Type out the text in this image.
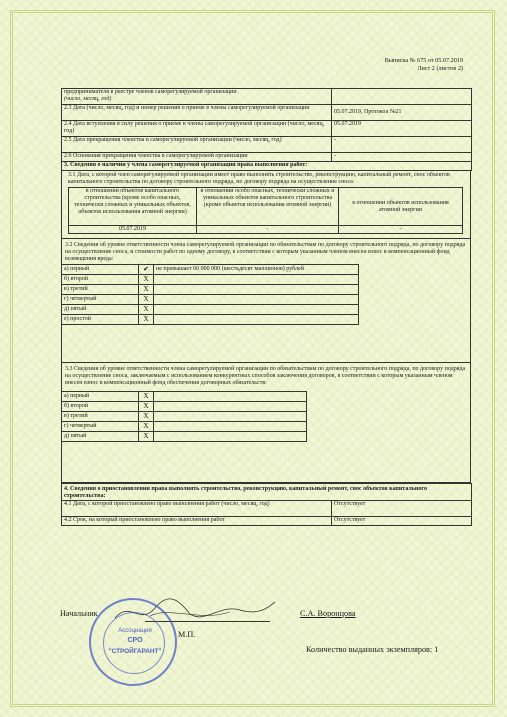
Выписка № 675 от 05.07.2019
Лист 2 (листов 2)
предпринимателя в реестре членов саморегулируемой организации
(число, месяц, год)	
2.3 Дата (число, месяц, год) и номер решения о приеме в члены саморегулируемой организации	05.07.2019, Протокол №21
2.4 Дата вступления в силу решения о приеме в члены саморегулируемой организации (число, месяц, год)	05.07.2019
2.5 Дата прекращения членства в саморегулируемой организации (число, месяц, год)	-
2.6 Основания прекращения членства в саморегулируемой организации	-
3. Сведения о наличии у члена саморегулируемой организации права выполнения работ:	
3.1 Дата, с которой член саморегулируемой организации имеет право выполнять строительство, реконструкцию, капитальный ремонт, снос объектов капитального строительства по договору строительного подряда, по договору подряда на осуществление сноса:
в отношении объектов капитального строительства (кроме особо опасных, технически сложных и уникальных объектов, объектов использования атомной энергии)	в отношении особо опасных, технически сложных и уникальных объектов капитального строительства (кроме объектов использования атомной энергии)	в отношении объектов использования атомной энергии
05.07.2019	-	-
3.2 Сведения об уровне ответственности члена саморегулируемой организации по обязательствам по договору строительного подряда, по договору подряда на осуществление сноса, и стоимости работ по одному договору, в соответствии с которым указанным членом внесен взнос в компенсационный фонд возмещения вреда:
а) первый	✔	не превышает 60 000 000 (шестьдесят миллионов) рублей
б) второй	X	
в) третий	X	
г) четвертый	X	
д) пятый	X	
е) простой	X	
3.3 Сведения об уровне ответственности члена саморегулируемой организации по обязательствам по договору строительного подряда, по договору подряда на осуществление сноса, заключаемым с использованием конкурентных способов заключения договоров, в соответствии с которым указанным членом внесен взнос в компенсационный фонд обеспечения договорных обязательств:
а) первый	X	
б) второй	X	
в) третий	X	
г) четвертый	X	
д) пятый	X	
4. Сведения о приостановлении права выполнять строительство, реконструкцию, капитальный ремонт, снос объектов капитального строительства:	
4.1 Дата, с которой приостановлено право выполнения работ (число, месяц, год)	Отсутствует
4.2 Срок, на который приостановлено право выполнения работ	Отсутствует
Начальник	С.А. Воронцова
М.П.
Количество выданных экземпляров: 1
Ассоциация
СРО
"СТРОЙГАРАНТ"
